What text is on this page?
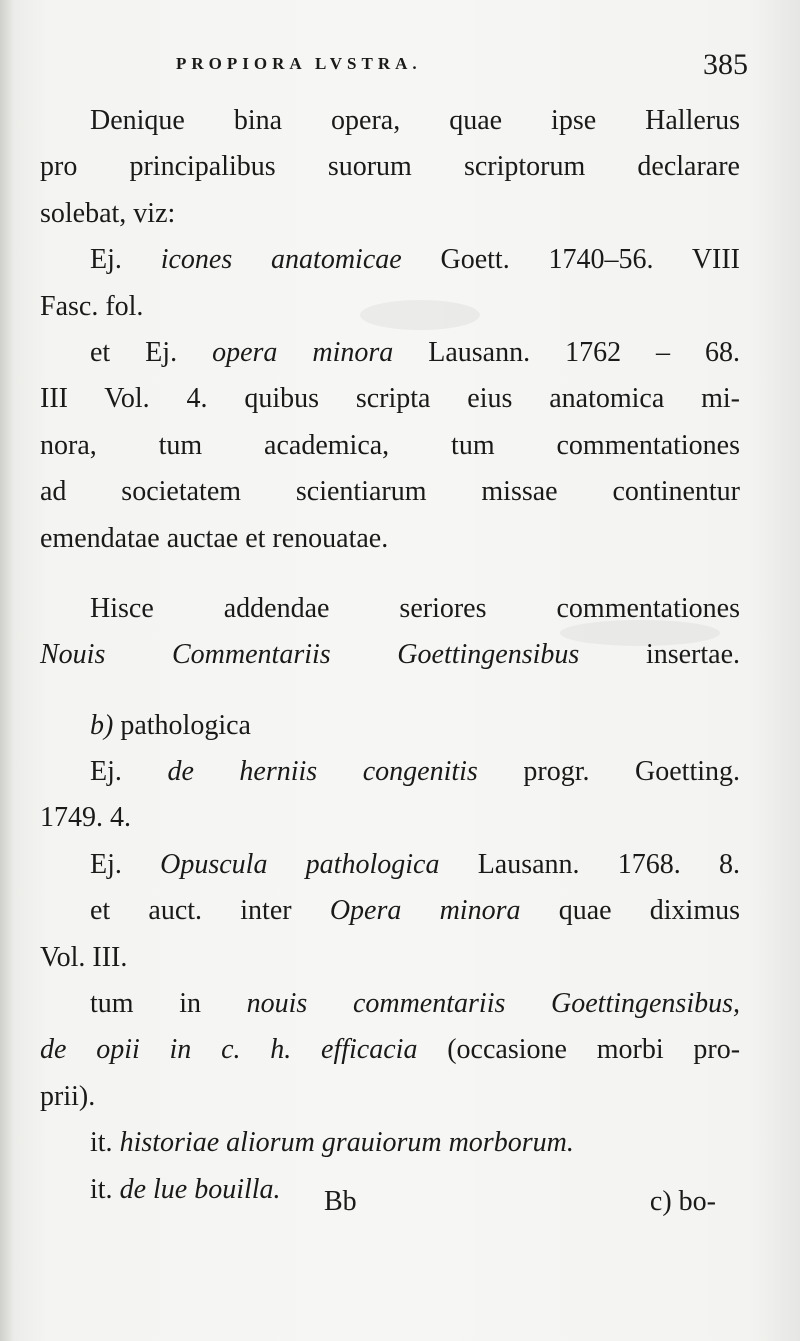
PROPIORA LVSTRA.	385

Denique bina opera, quae ipse Hallerus
pro principalibus suorum scriptorum declarare
solebat, viz:

Ej. icones anatomicae Goett. 1740–56. VIII
Fasc. fol.

et Ej. opera minora Lausann. 1762 – 68.
III Vol. 4. quibus scripta eius anatomica mi-
nora, tum academica, tum commentationes
ad societatem scientiarum missae continentur
emendatae auctae et renouatae.

Hisce addendae seriores commentationes
Nouis Commentariis Goettingensibus insertae.

b) pathologica

Ej. de herniis congenitis progr. Goetting.
1749. 4.

Ej. Opuscula pathologica Lausann. 1768. 8.

et auct. inter Opera minora quae diximus
Vol. III.

tum in nouis commentariis Goettingensibus,
de opii in c. h. efficacia (occasione morbi pro-
prii).

it. historiae aliorum grauiorum morborum.

it. de lue bouilla.	Bb	c) bo-
